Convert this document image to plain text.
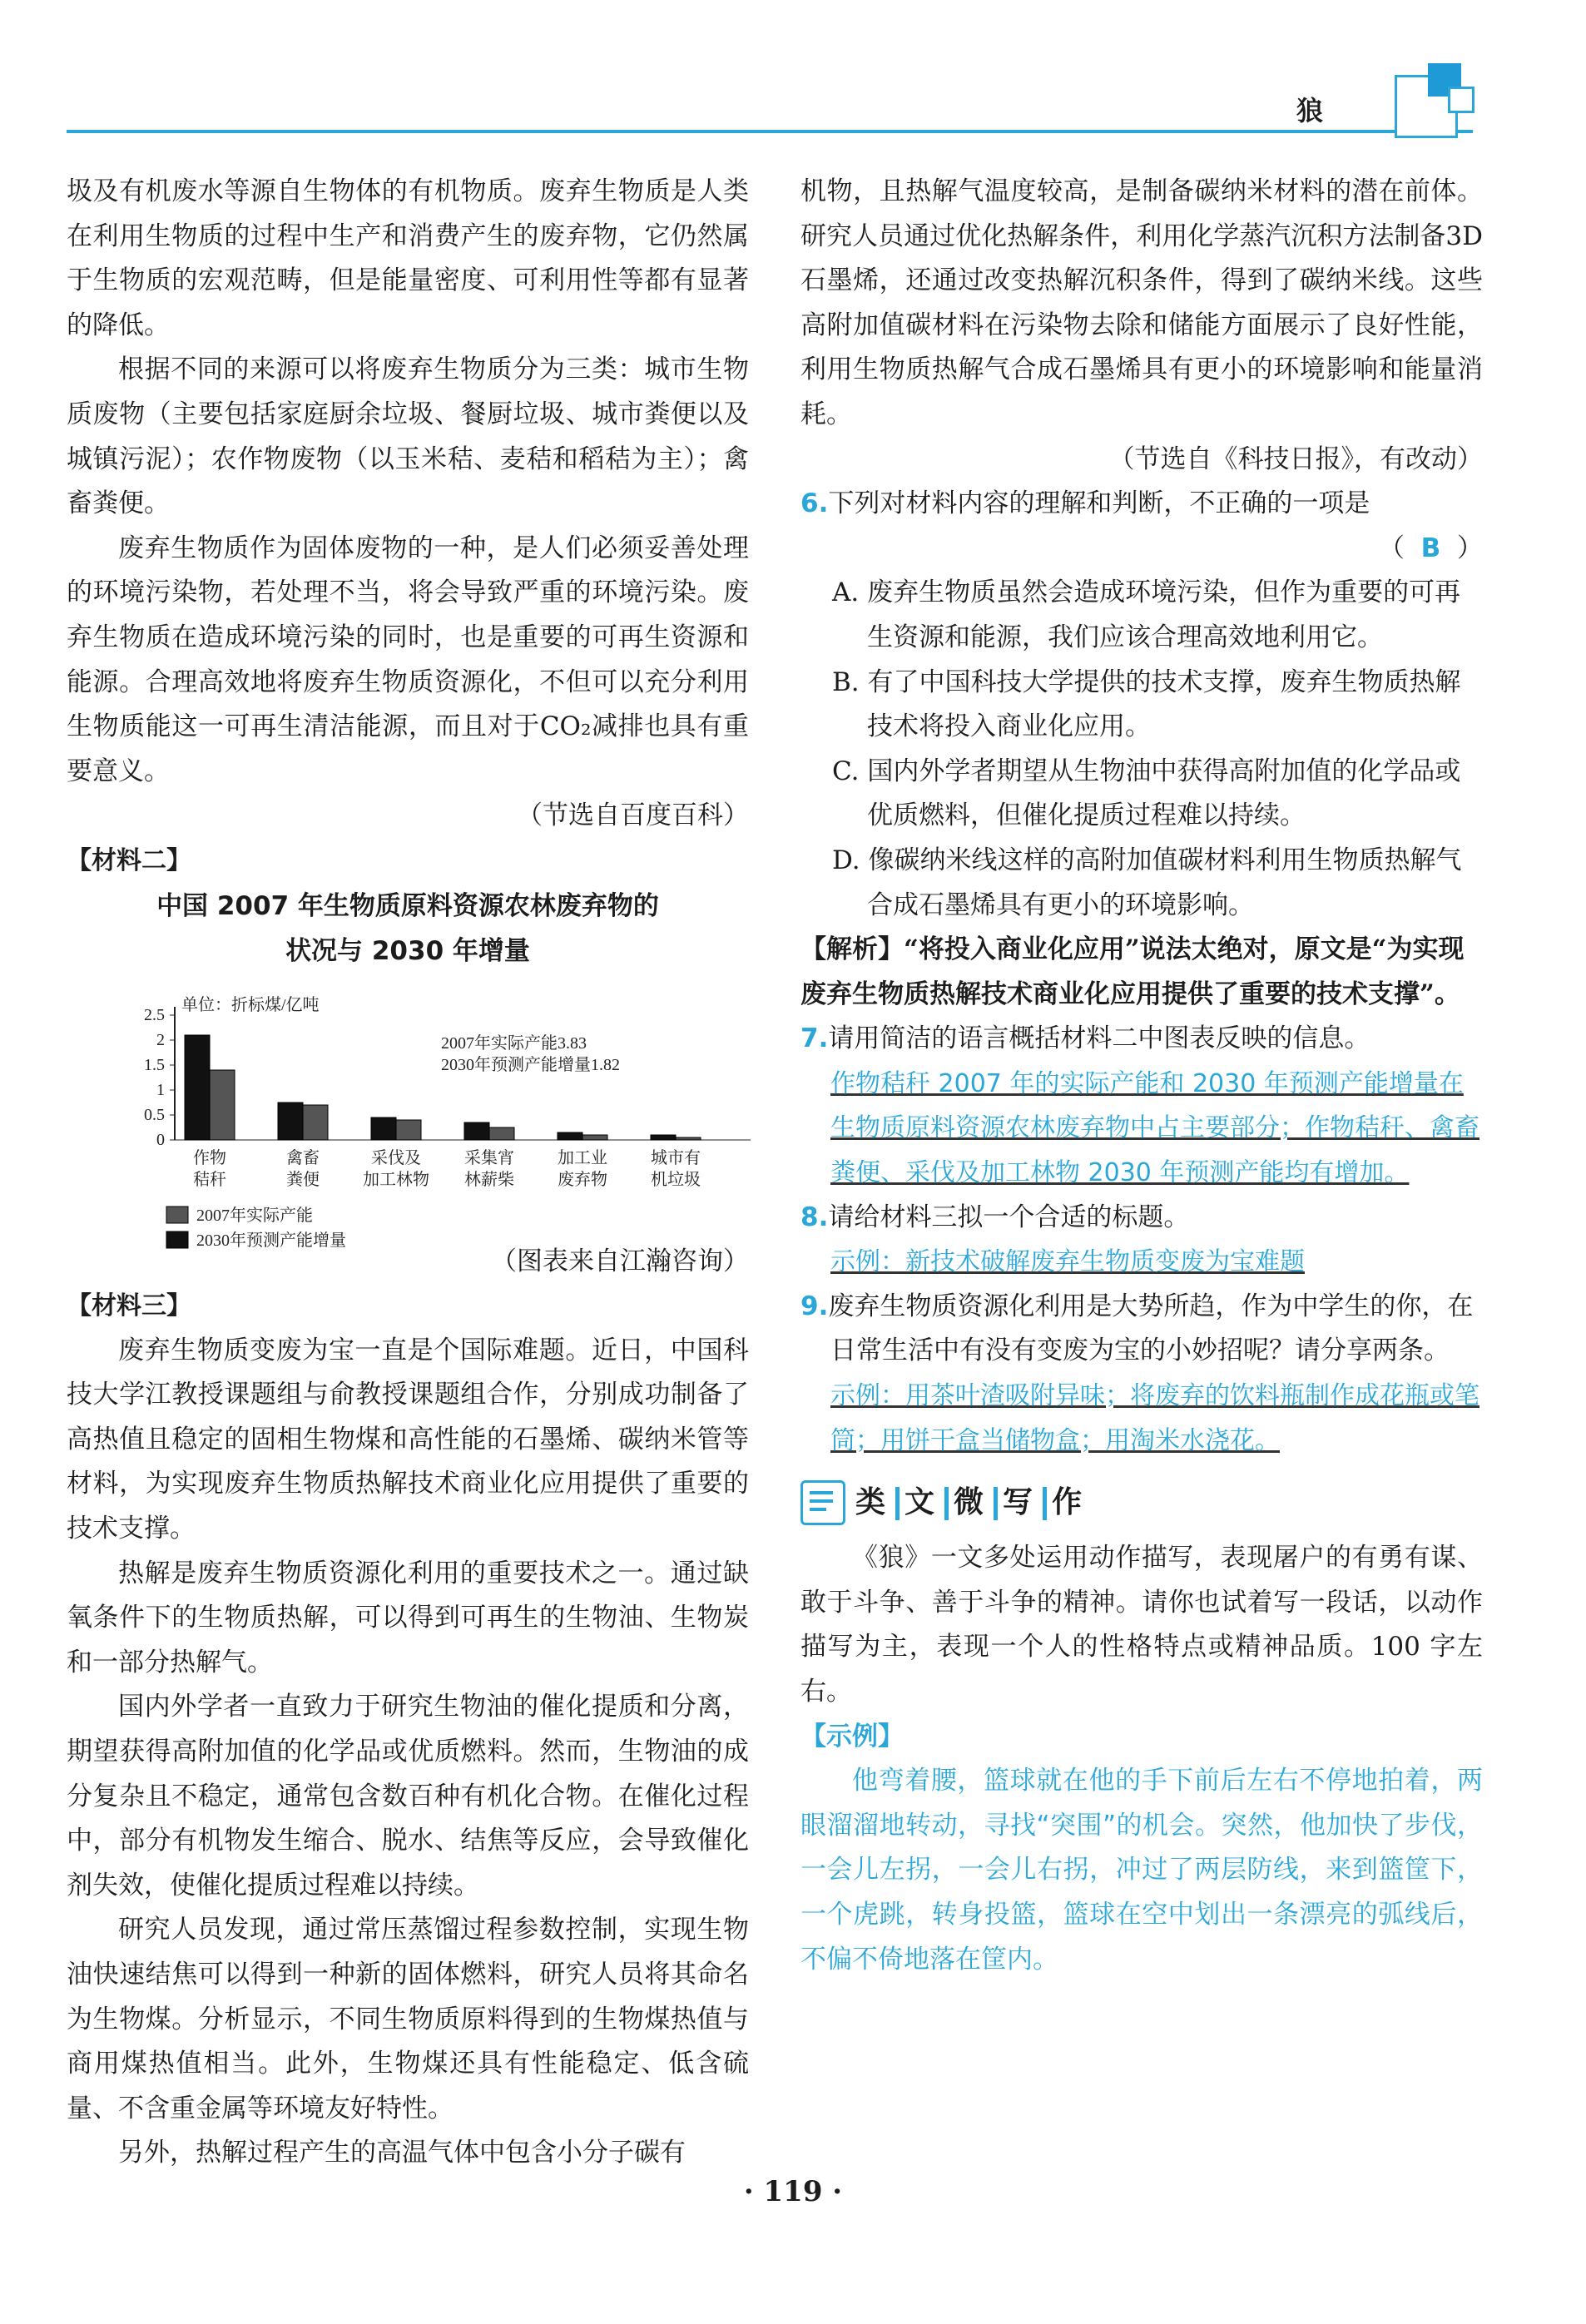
狼

圾及有机废水等源自生物体的有机物质。废弃生物质是人类在利用生物质的过程中生产和消费产生的废弃物，它仍然属于生物质的宏观范畴，但是能量密度、可利用性等都有显著的降低。

根据不同的来源可以将废弃生物质分为三类：城市生物质废物（主要包括家庭厨余垃圾、餐厨垃圾、城市粪便以及城镇污泥）；农作物废物（以玉米秸、麦秸和稻秸为主）；禽畜粪便。

废弃生物质作为固体废物的一种，是人们必须妥善处理的环境污染物，若处理不当，将会导致严重的环境污染。废弃生物质在造成环境污染的同时，也是重要的可再生资源和能源。合理高效地将废弃生物质资源化，不但可以充分利用生物质能这一可再生清洁能源，而且对于CO₂减排也具有重要意义。

（节选自百度百科）

【材料二】

中国 2007 年生物质原料资源农林废弃物的

状况与 2030 年增量

2.5
2
1.5
1
0.5
0
单位：折标煤/亿吨
2007年实际产能3.83
2030年预测产能增量1.82
作物
秸秆
禽畜
粪便
采伐及
加工林物
采集宵
林薪柴
加工业
废弃物
城市有
机垃圾
2007年实际产能
2030年预测产能增量

（图表来自江瀚咨询）

【材料三】

废弃生物质变废为宝一直是个国际难题。近日，中国科技大学江教授课题组与俞教授课题组合作，分别成功制备了高热值且稳定的固相生物煤和高性能的石墨烯、碳纳米管等材料，为实现废弃生物质热解技术商业化应用提供了重要的技术支撑。

热解是废弃生物质资源化利用的重要技术之一。通过缺氧条件下的生物质热解，可以得到可再生的生物油、生物炭和一部分热解气。

国内外学者一直致力于研究生物油的催化提质和分离，期望获得高附加值的化学品或优质燃料。然而，生物油的成分复杂且不稳定，通常包含数百种有机化合物。在催化过程中，部分有机物发生缩合、脱水、结焦等反应，会导致催化剂失效，使催化提质过程难以持续。

研究人员发现，通过常压蒸馏过程参数控制，实现生物油快速结焦可以得到一种新的固体燃料，研究人员将其命名为生物煤。分析显示，不同生物质原料得到的生物煤热值与商用煤热值相当。此外，生物煤还具有性能稳定、低含硫量、不含重金属等环境友好特性。

另外，热解过程产生的高温气体中包含小分子碳有

机物，且热解气温度较高，是制备碳纳米材料的潜在前体。研究人员通过优化热解条件，利用化学蒸汽沉积方法制备3D石墨烯，还通过改变热解沉积条件，得到了碳纳米线。这些高附加值碳材料在污染物去除和储能方面展示了良好性能，利用生物质热解气合成石墨烯具有更小的环境影响和能量消耗。

（节选自《科技日报》，有改动）

6.下列对材料内容的理解和判断，不正确的一项是

（ B ）

A. 废弃生物质虽然会造成环境污染，但作为重要的可再生资源和能源，我们应该合理高效地利用它。

B. 有了中国科技大学提供的技术支撑，废弃生物质热解技术将投入商业化应用。

C. 国内外学者期望从生物油中获得高附加值的化学品或优质燃料，但催化提质过程难以持续。

D. 像碳纳米线这样的高附加值碳材料利用生物质热解气合成石墨烯具有更小的环境影响。

【解析】“将投入商业化应用”说法太绝对，原文是“为实现废弃生物质热解技术商业化应用提供了重要的技术支撑”。

7.请用简洁的语言概括材料二中图表反映的信息。

作物秸秆 2007 年的实际产能和 2030 年预测产能增量在生物质原料资源农林废弃物中占主要部分；作物秸秆、禽畜粪便、采伐及加工林物 2030 年预测产能均有增加。

8.请给材料三拟一个合适的标题。

示例：新技术破解废弃生物质变废为宝难题

9.废弃生物质资源化利用是大势所趋，作为中学生的你，在日常生活中有没有变废为宝的小妙招呢？请分享两条。

示例：用茶叶渣吸附异味；将废弃的饮料瓶制作成花瓶或笔筒；用饼干盒当储物盒；用淘米水浇花。

类 文 微 写 作

《狼》一文多处运用动作描写，表现屠户的有勇有谋、敢于斗争、善于斗争的精神。请你也试着写一段话，以动作描写为主，表现一个人的性格特点或精神品质。100 字左右。

【示例】

他弯着腰，篮球就在他的手下前后左右不停地拍着，两眼溜溜地转动，寻找“突围”的机会。突然，他加快了步伐，一会儿左拐，一会儿右拐，冲过了两层防线，来到篮筐下，一个虎跳，转身投篮，篮球在空中划出一条漂亮的弧线后，不偏不倚地落在筐内。

· 119 ·
